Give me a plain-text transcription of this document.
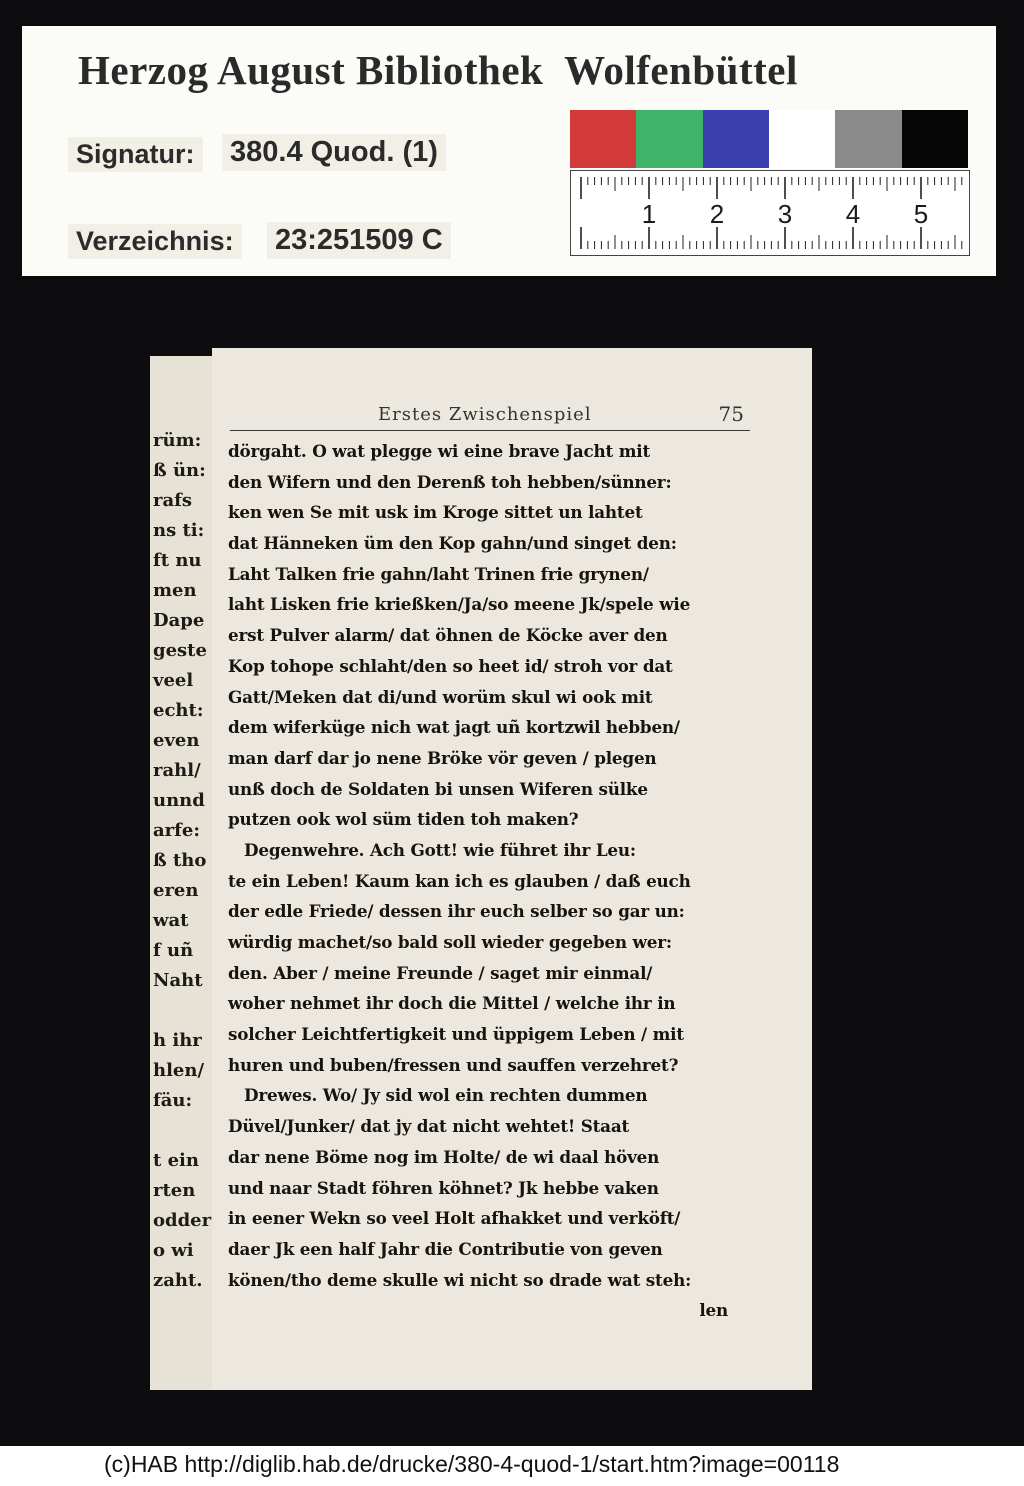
Herzog August Bibliothek  Wolfenbüttel
Signatur: 380.4 Quod. (1)
Verzeichnis: 23:251509 C
1 2 3 4 5
rüm:
ß ün:
rafs
ns ti:
ft nu
men
Dape
geste
veel
echt:
even
rahl/
unnd
arfe:
ß tho
eren
wat
f uñ
Naht
h ihr
hlen/
fäu:
t ein
rten
odder
o wi
zaht.
Erstes Zwischenspiel	75
dörgaht. O wat plegge wi eine brave Jacht mit
den Wifern und den Derenß toh hebben/sünner:
ken wen Se mit usk im Kroge sittet un lahtet
dat Hänneken üm den Kop gahn/und singet den:
Laht Talken frie gahn/laht Trinen frie grynen/
laht Lisken frie krießken/Ja/so meene Jk/spele wie
erst Pulver alarm/ dat öhnen de Köcke aver den
Kop tohope schlaht/den so heet id/ stroh vor dat
Gatt/Meken dat di/und worüm skul wi ook mit
dem wiferküge nich wat jagt uñ kortzwil hebben/
man darf dar jo nene Bröke vör geven / plegen
unß doch de Soldaten bi unsen Wiferen sülke
putzen ook wol süm tiden toh maken?
Degenwehre. Ach Gott! wie führet ihr Leu:
te ein Leben! Kaum kan ich es glauben / daß euch
der edle Friede/ dessen ihr euch selber so gar un:
würdig machet/so bald soll wieder gegeben wer:
den. Aber / meine Freunde / saget mir einmal/
woher nehmet ihr doch die Mittel / welche ihr in
solcher Leichtfertigkeit und üppigem Leben / mit
huren und buben/fressen und sauffen verzehret?
Drewes. Wo/ Jy sid wol ein rechten dummen
Düvel/Junker/ dat jy dat nicht wehtet! Staat
dar nene Böme nog im Holte/ de wi daal höven
und naar Stadt föhren köhnet? Jk hebbe vaken
in eener Wekn so veel Holt afhakket und verköft/
daer Jk een half Jahr die Contributie von geven
könen/tho deme skulle wi nicht so drade wat steh:
len
(c)HAB http://diglib.hab.de/drucke/380-4-quod-1/start.htm?image=00118
